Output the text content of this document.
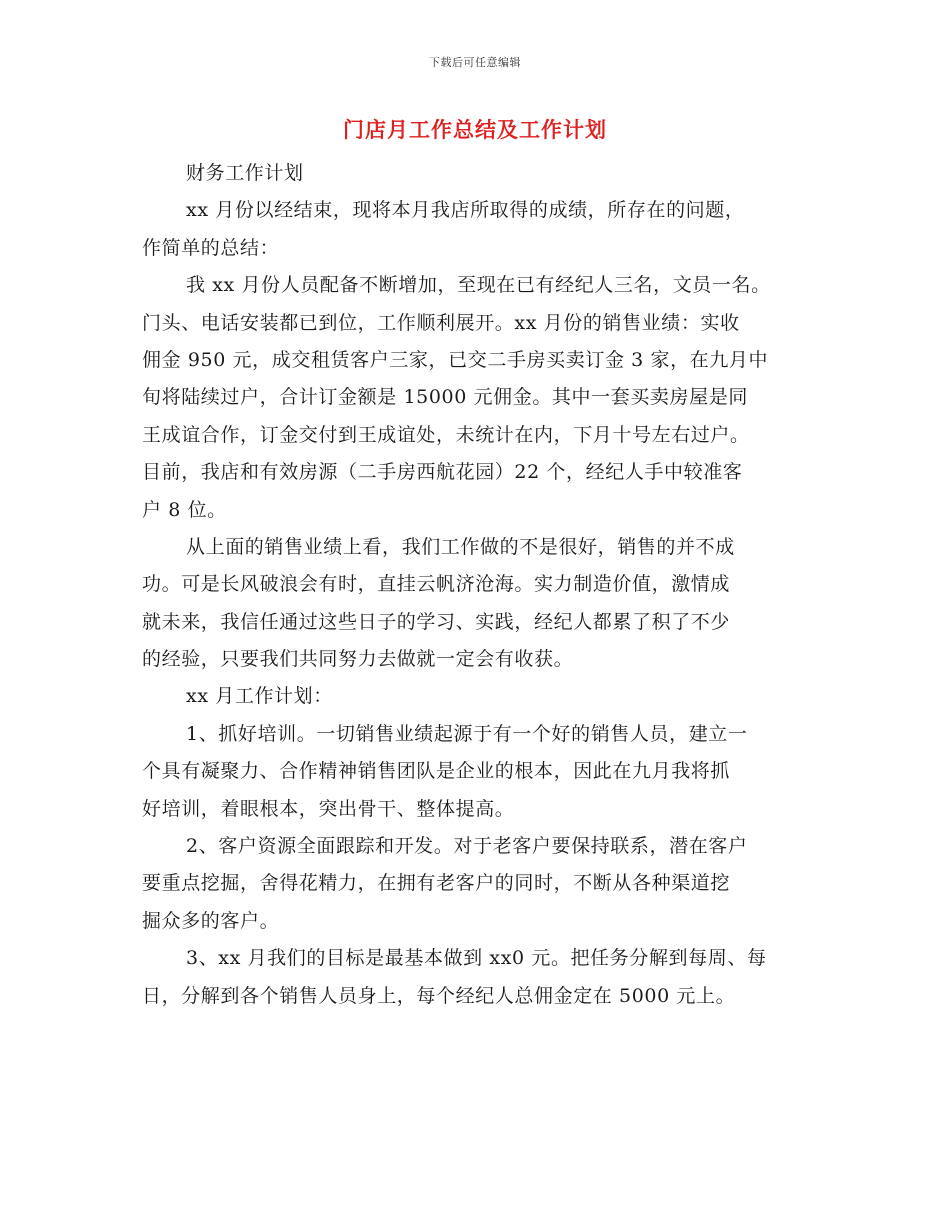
下载后可任意编辑
门店月工作总结及工作计划
财务工作计划
xx 月份以经结束，现将本月我店所取得的成绩，所存在的问题，
作简单的总结：
我 xx 月份人员配备不断增加，至现在已有经纪人三名，文员一名。
门头、电话安装都已到位，工作顺利展开。xx 月份的销售业绩：实收
佣金 950 元，成交租赁客户三家，已交二手房买卖订金 3 家，在九月中
旬将陆续过户，合计订金额是 15000 元佣金。其中一套买卖房屋是同
王成谊合作，订金交付到王成谊处，未统计在内，下月十号左右过户。
目前，我店和有效房源（二手房西航花园）22 个，经纪人手中较准客
户 8 位。
从上面的销售业绩上看，我们工作做的不是很好，销售的并不成
功。可是长风破浪会有时，直挂云帆济沧海。实力制造价值，激情成
就未来，我信任通过这些日子的学习、实践，经纪人都累了积了不少
的经验，只要我们共同努力去做就一定会有收获。
xx 月工作计划：
1、抓好培训。一切销售业绩起源于有一个好的销售人员，建立一
个具有凝聚力、合作精神销售团队是企业的根本，因此在九月我将抓
好培训，着眼根本，突出骨干、整体提高。
2、客户资源全面跟踪和开发。对于老客户要保持联系，潜在客户
要重点挖掘，舍得花精力，在拥有老客户的同时，不断从各种渠道挖
掘众多的客户。
3、xx 月我们的目标是最基本做到 xx0 元。把任务分解到每周、每
日，分解到各个销售人员身上，每个经纪人总佣金定在 5000 元上。
